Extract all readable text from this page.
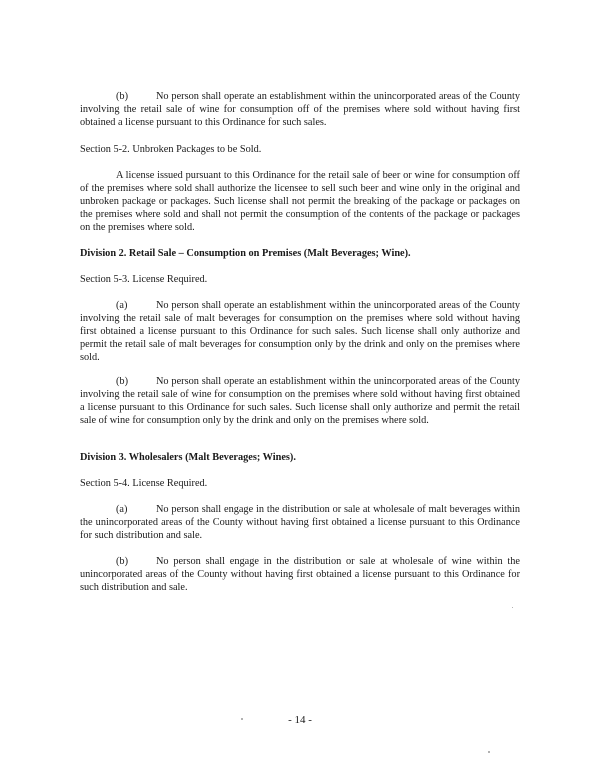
(b)	No person shall operate an establishment within the unincorporated areas of the County involving the retail sale of wine for consumption off of the premises where sold without having first obtained a license pursuant to this Ordinance for such sales.

Section 5-2. Unbroken Packages to be Sold.

A license issued pursuant to this Ordinance for the retail sale of beer or wine for consumption off of the premises where sold shall authorize the licensee to sell such beer and wine only in the original and unbroken package or packages. Such license shall not permit the breaking of the package or packages on the premises where sold and shall not permit the consumption of the contents of the package or packages on the premises where sold.

Division 2. Retail Sale – Consumption on Premises (Malt Beverages; Wine).

Section 5-3. License Required.

(a)	No person shall operate an establishment within the unincorporated areas of the County involving the retail sale of malt beverages for consumption on the premises where sold without having first obtained a license pursuant to this Ordinance for such sales. Such license shall only authorize and permit the retail sale of malt beverages for consumption only by the drink and only on the premises where sold.

(b)	No person shall operate an establishment within the unincorporated areas of the County involving the retail sale of wine for consumption on the premises where sold without having first obtained a license pursuant to this Ordinance for such sales. Such license shall only authorize and permit the retail sale of wine for consumption only by the drink and only on the premises where sold.

Division 3. Wholesalers (Malt Beverages; Wines).

Section 5-4. License Required.

(a)	No person shall engage in the distribution or sale at wholesale of malt beverages within the unincorporated areas of the County without having first obtained a license pursuant to this Ordinance for such distribution and sale.

(b)	No person shall engage in the distribution or sale at wholesale of wine within the unincorporated areas of the County without having first obtained a license pursuant to this Ordinance for such distribution and sale.

- 14 -
